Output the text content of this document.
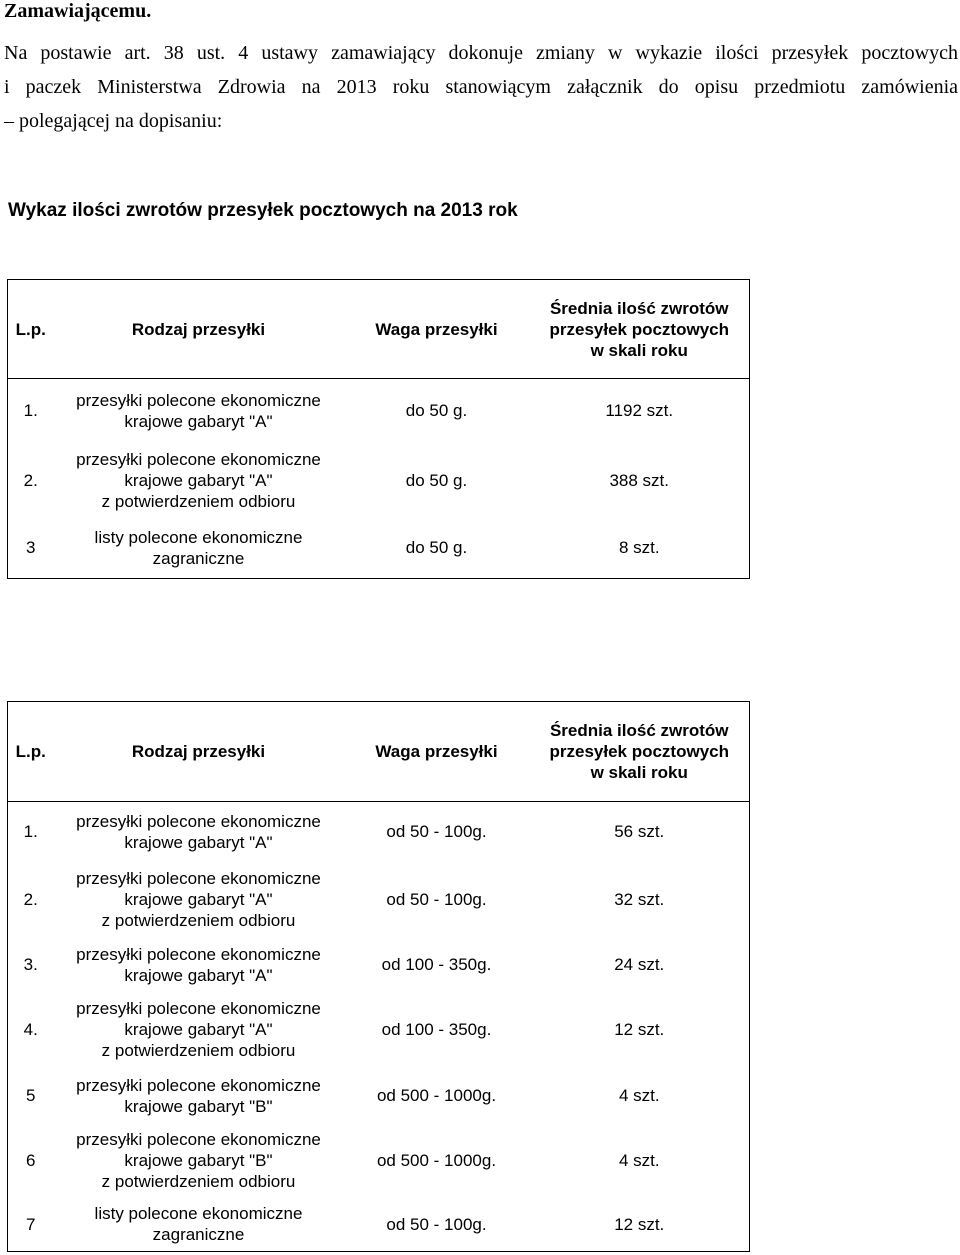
Zamawiającemu.

Na postawie art. 38 ust. 4 ustawy zamawiający dokonuje zmiany w wykazie ilości przesyłek pocztowych
i paczek Ministerstwa Zdrowia na 2013 roku stanowiącym załącznik do opisu przedmiotu zamówienia
– polegającej na dopisaniu:

Wykaz ilości zwrotów przesyłek pocztowych na 2013 rok
L.p.	Rodzaj przesyłki	Waga przesyłki	Średnia ilość zwrotów
przesyłek pocztowych
w skali roku

1.	przesyłki polecone ekonomiczne
krajowe gabaryt "A"	do 50 g.	1192 szt.
2.	przesyłki polecone ekonomiczne
krajowe gabaryt "A"
z potwierdzeniem odbioru	do 50 g.	388 szt.
3	listy polecone ekonomiczne
zagraniczne	do 50 g.	8 szt.
L.p.	Rodzaj przesyłki	Waga przesyłki	Średnia ilość zwrotów
przesyłek pocztowych
w skali roku

1.	przesyłki polecone ekonomiczne
krajowe gabaryt "A"	od 50 - 100g.	56 szt.
2.	przesyłki polecone ekonomiczne
krajowe gabaryt "A"
z potwierdzeniem odbioru	od 50 - 100g.	32 szt.
3.	przesyłki polecone ekonomiczne
krajowe gabaryt "A"	od 100 - 350g.	24 szt.
4.	przesyłki polecone ekonomiczne
krajowe gabaryt "A"
z potwierdzeniem odbioru	od 100 - 350g.	12 szt.
5	przesyłki polecone ekonomiczne
krajowe gabaryt "B"	od 500 - 1000g.	4 szt.
6	przesyłki polecone ekonomiczne
krajowe gabaryt "B"
z potwierdzeniem odbioru	od 500 - 1000g.	4 szt.
7	listy polecone ekonomiczne
zagraniczne	od 50 - 100g.	12 szt.
